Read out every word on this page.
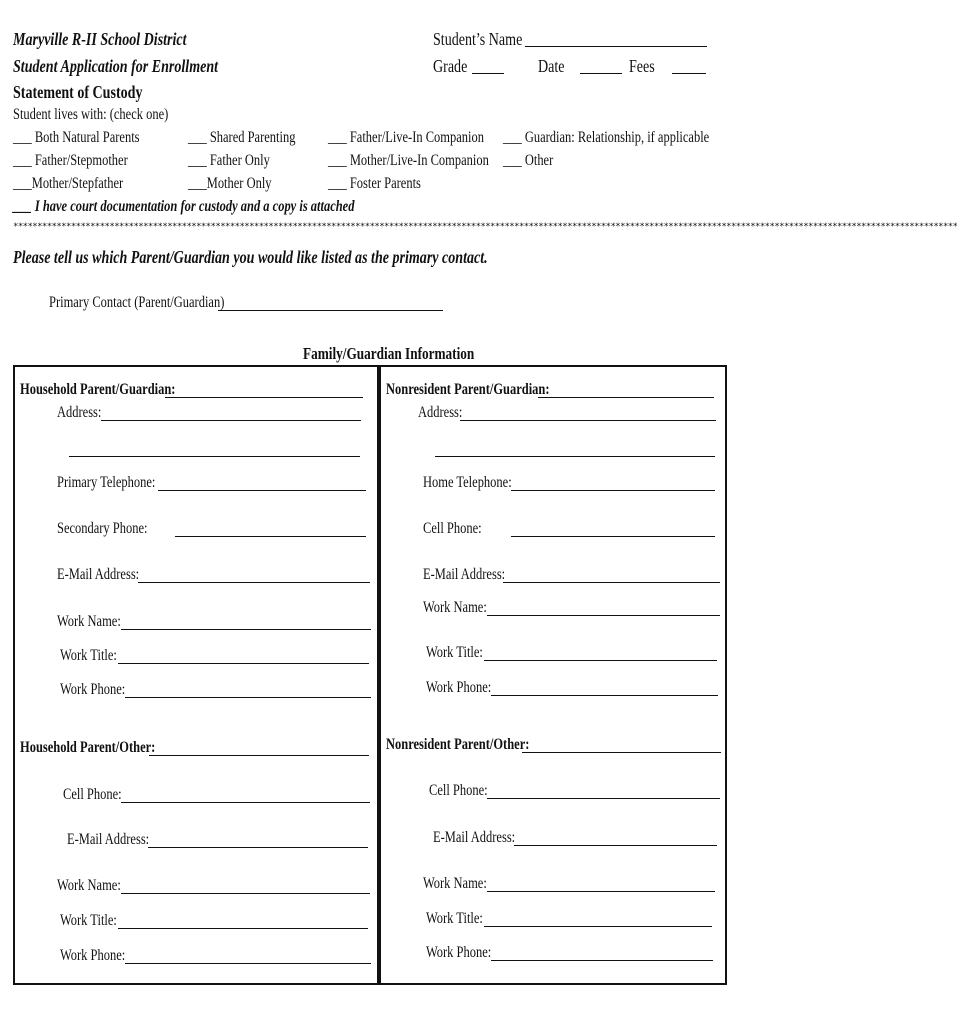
Maryville R-II School District
Student Application for Enrollment
Statement of Custody
Student’s Name
Grade	Date	Fees
Student lives with: (check one)
___ Both Natural Parents
___ Father/Stepmother
___Mother/Stepfather
___ Shared Parenting
___ Father Only
___Mother Only
___ Father/Live-In Companion
___ Mother/Live-In Companion
___ Foster Parents
___ Guardian: Relationship, if applicable
___ Other
___ I have court documentation for custody and a copy is attached
****************************************************************************************************************************************************************************************************
Please tell us which Parent/Guardian you would like listed as the primary contact.
Primary Contact (Parent/Guardian)
Family/Guardian Information
Household Parent/Guardian:
Address:
Primary Telephone:
Secondary Phone:
E-Mail Address:
Work Name:
Work Title:
Work Phone:
Household Parent/Other:
Cell Phone:
E-Mail Address:
Work Name:
Work Title:
Work Phone:
Nonresident Parent/Guardian:
Address:
Home Telephone:
Cell Phone:
E-Mail Address:
Work Name:
Work Title:
Work Phone:
Nonresident Parent/Other:
Cell Phone:
E-Mail Address:
Work Name:
Work Title:
Work Phone:
